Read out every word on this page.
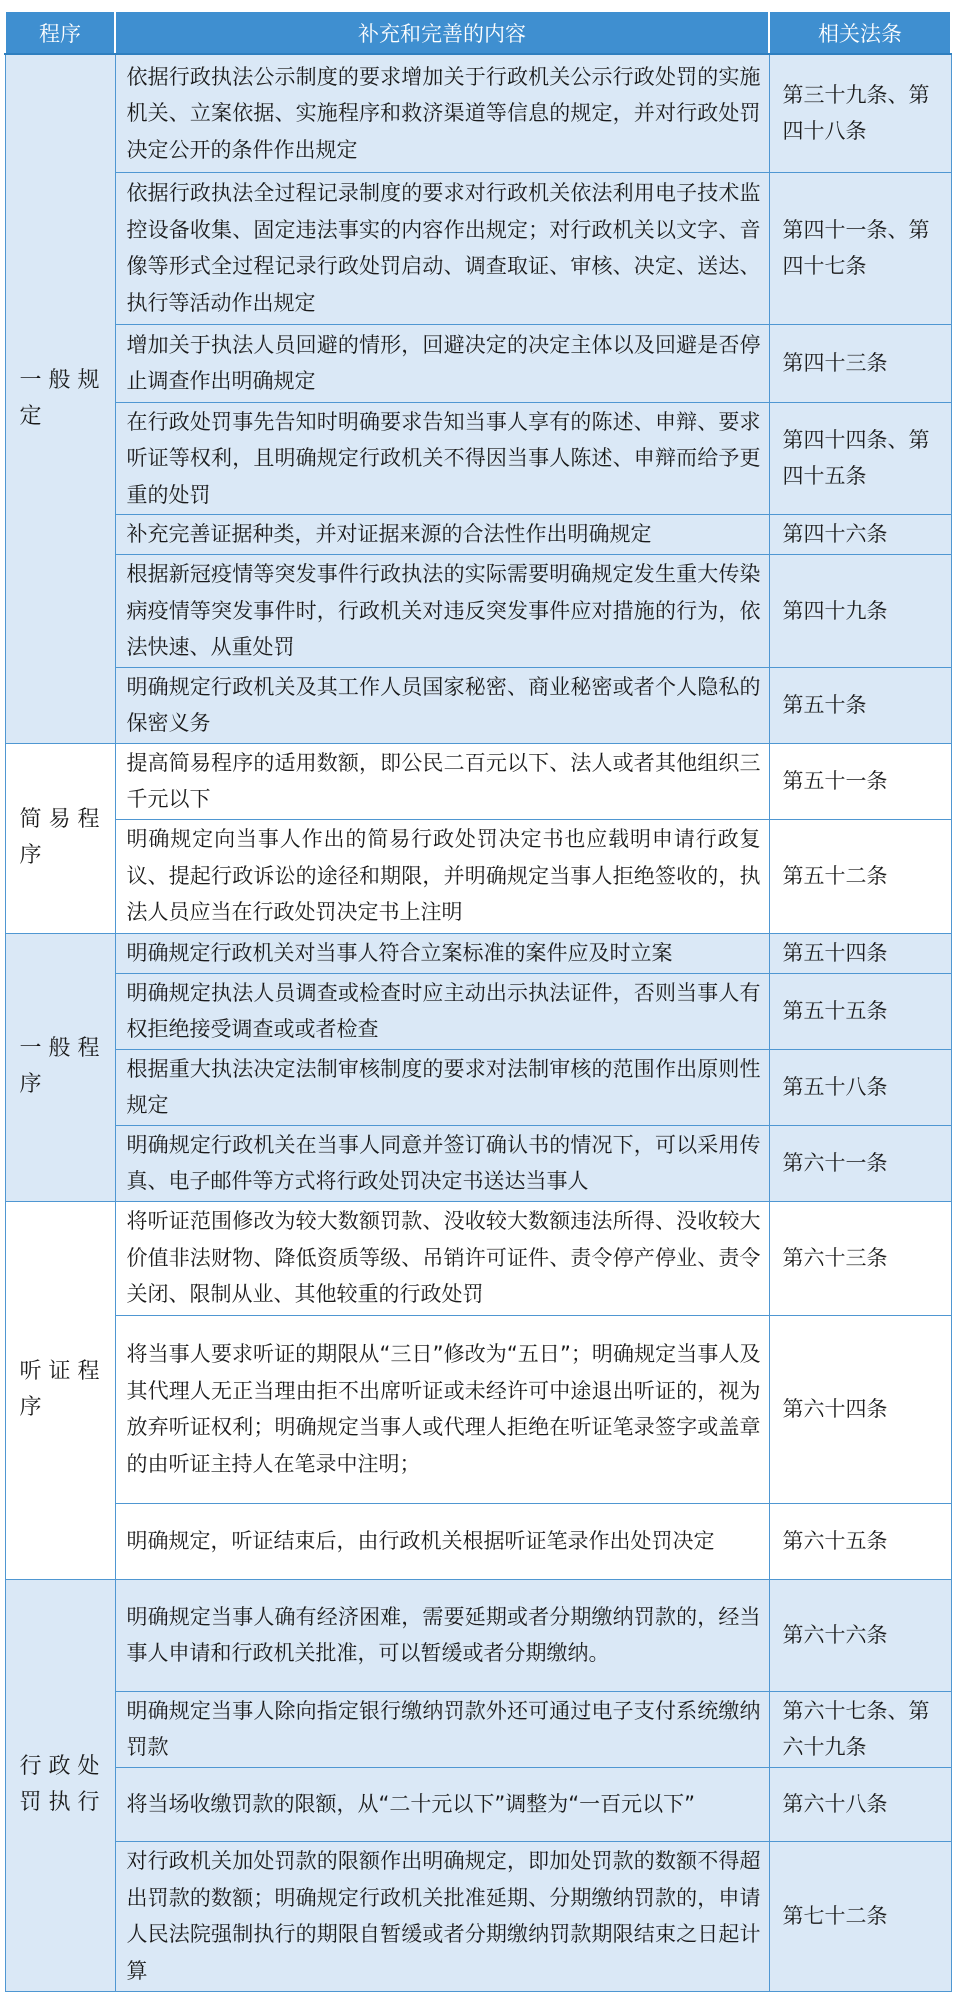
程序	补充和完善的内容	相关法条
一般规定	依据行政执法公示制度的要求增加关于行政机关公示行政处罚的实施机关、立案依据、实施程序和救济渠道等信息的规定，并对行政处罚决定公开的条件作出规定	第三十九条、第四十八条
	依据行政执法全过程记录制度的要求对行政机关依法利用电子技术监控设备收集、固定违法事实的内容作出规定；对行政机关以文字、音像等形式全过程记录行政处罚启动、调查取证、审核、决定、送达、执行等活动作出规定	第四十一条、第四十七条
	增加关于执法人员回避的情形，回避决定的决定主体以及回避是否停止调查作出明确规定	第四十三条
	在行政处罚事先告知时明确要求告知当事人享有的陈述、申辩、要求听证等权利，且明确规定行政机关不得因当事人陈述、申辩而给予更重的处罚	第四十四条、第四十五条
	补充完善证据种类，并对证据来源的合法性作出明确规定	第四十六条
	根据新冠疫情等突发事件行政执法的实际需要明确规定发生重大传染病疫情等突发事件时，行政机关对违反突发事件应对措施的行为，依法快速、从重处罚	第四十九条
	明确规定行政机关及其工作人员国家秘密、商业秘密或者个人隐私的保密义务	第五十条
简易程序	提高简易程序的适用数额，即公民二百元以下、法人或者其他组织三千元以下	第五十一条
	明确规定向当事人作出的简易行政处罚决定书也应载明申请行政复议、提起行政诉讼的途径和期限，并明确规定当事人拒绝签收的，执法人员应当在行政处罚决定书上注明	第五十二条
一般程序	明确规定行政机关对当事人符合立案标准的案件应及时立案	第五十四条
	明确规定执法人员调查或检查时应主动出示执法证件，否则当事人有权拒绝接受调查或或者检查	第五十五条
	根据重大执法决定法制审核制度的要求对法制审核的范围作出原则性规定	第五十八条
	明确规定行政机关在当事人同意并签订确认书的情况下，可以采用传真、电子邮件等方式将行政处罚决定书送达当事人	第六十一条
听证程序	将听证范围修改为较大数额罚款、没收较大数额违法所得、没收较大价值非法财物、降低资质等级、吊销许可证件、责令停产停业、责令关闭、限制从业、其他较重的行政处罚	第六十三条
	将当事人要求听证的期限从“三日”修改为“五日”；明确规定当事人及其代理人无正当理由拒不出席听证或未经许可中途退出听证的，视为放弃听证权利；明确规定当事人或代理人拒绝在听证笔录签字或盖章的由听证主持人在笔录中注明；	第六十四条
	明确规定，听证结束后，由行政机关根据听证笔录作出处罚决定	第六十五条
行政处罚执行	明确规定当事人确有经济困难，需要延期或者分期缴纳罚款的，经当事人申请和行政机关批准，可以暂缓或者分期缴纳。	第六十六条
	明确规定当事人除向指定银行缴纳罚款外还可通过电子支付系统缴纳罚款	第六十七条、第六十九条
	将当场收缴罚款的限额，从“二十元以下”调整为“一百元以下”	第六十八条
	对行政机关加处罚款的限额作出明确规定，即加处罚款的数额不得超出罚款的数额；明确规定行政机关批准延期、分期缴纳罚款的，申请人民法院强制执行的期限自暂缓或者分期缴纳罚款期限结束之日起计算	第七十二条
